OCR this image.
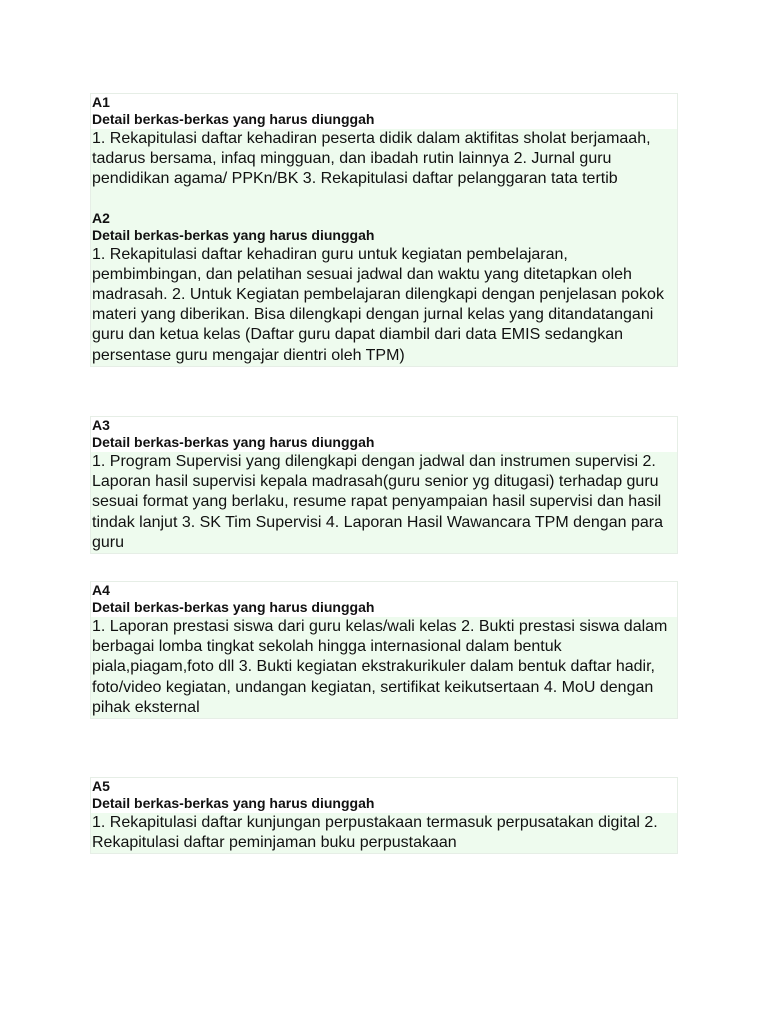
A1
Detail berkas-berkas yang harus diunggah
1. Rekapitulasi daftar kehadiran peserta didik dalam aktifitas sholat berjamaah, tadarus bersama, infaq mingguan, dan ibadah rutin lainnya 2. Jurnal guru pendidikan agama/ PPKn/BK 3. Rekapitulasi daftar pelanggaran tata tertib
A2
Detail berkas-berkas yang harus diunggah
1. Rekapitulasi daftar kehadiran guru untuk kegiatan pembelajaran, pembimbingan, dan pelatihan sesuai jadwal dan waktu yang ditetapkan oleh madrasah. 2. Untuk Kegiatan pembelajaran dilengkapi dengan penjelasan pokok materi yang diberikan. Bisa dilengkapi dengan jurnal kelas yang ditandatangani guru dan ketua kelas (Daftar guru dapat diambil dari data EMIS sedangkan persentase guru mengajar dientri oleh TPM)
A3
Detail berkas-berkas yang harus diunggah
1. Program Supervisi yang dilengkapi dengan jadwal dan instrumen supervisi 2. Laporan hasil supervisi kepala madrasah(guru senior yg ditugasi) terhadap guru sesuai format yang berlaku, resume rapat penyampaian hasil supervisi dan hasil tindak lanjut 3. SK Tim Supervisi 4. Laporan Hasil Wawancara TPM dengan para guru
A4
Detail berkas-berkas yang harus diunggah
1. Laporan prestasi siswa dari guru kelas/wali kelas 2. Bukti prestasi siswa dalam berbagai lomba tingkat sekolah hingga internasional dalam bentuk piala,piagam,foto dll 3. Bukti kegiatan ekstrakurikuler dalam bentuk daftar hadir, foto/video kegiatan, undangan kegiatan, sertifikat keikutsertaan 4. MoU dengan pihak eksternal
A5
Detail berkas-berkas yang harus diunggah
1. Rekapitulasi daftar kunjungan perpustakaan termasuk perpusatakan digital 2. Rekapitulasi daftar peminjaman buku perpustakaan
